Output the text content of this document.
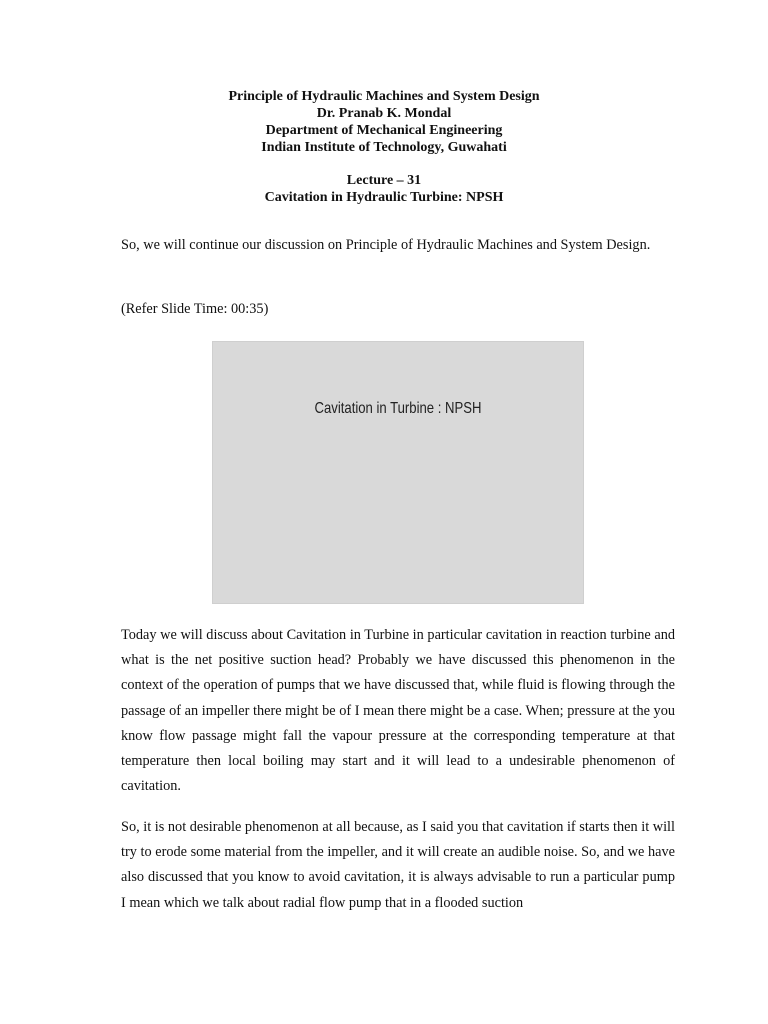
Principle of Hydraulic Machines and System Design
Dr. Pranab K. Mondal
Department of Mechanical Engineering
Indian Institute of Technology, Guwahati
Lecture – 31
Cavitation in Hydraulic Turbine: NPSH

So, we will continue our discussion on Principle of Hydraulic Machines and System Design.

(Refer Slide Time: 00:35)

Cavitation in Turbine : NPSH

Today we will discuss about Cavitation in Turbine in particular cavitation in reaction turbine and what is the net positive suction head? Probably we have discussed this phenomenon in the context of the operation of pumps that we have discussed that, while fluid is flowing through the passage of an impeller there might be of I mean there might be a case. When; pressure at the you know flow passage might fall the vapour pressure at the corresponding temperature at that temperature then local boiling may start and it will lead to a undesirable phenomenon of cavitation.

So, it is not desirable phenomenon at all because, as I said you that cavitation if starts then it will try to erode some material from the impeller, and it will create an audible noise. So, and we have also discussed that you know to avoid cavitation, it is always advisable to run a particular pump I mean which we talk about radial flow pump that in a flooded suction
